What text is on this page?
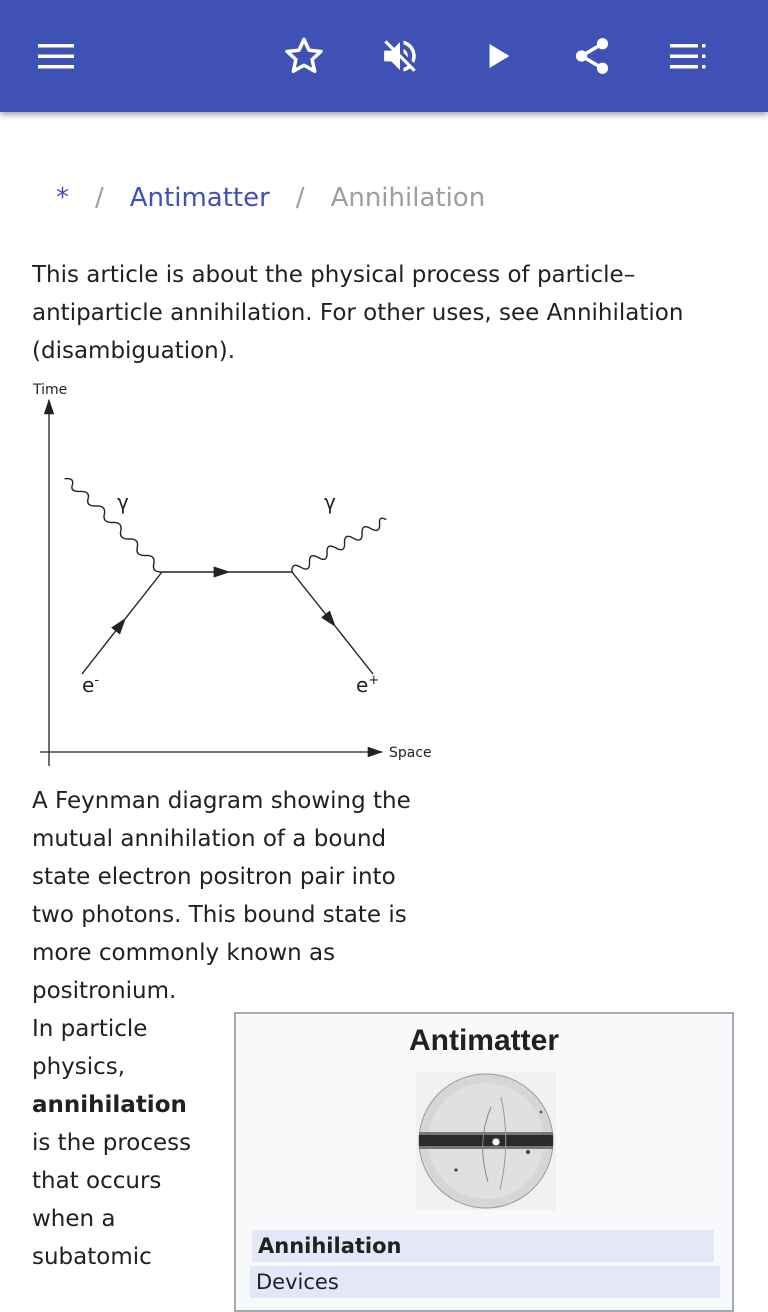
* / Antimatter / Annihilation
This article is about the physical process of particle–antiparticle annihilation. For other uses, see Annihilation (disambiguation).
Time
Space
γ	γ
e-	e+
A Feynman diagram showing the mutual annihilation of a bound state electron positron pair into two photons. This bound state is more commonly known as positronium.
In particle physics, annihilation is the process that occurs when a subatomic
Antimatter
Annihilation
Devices
